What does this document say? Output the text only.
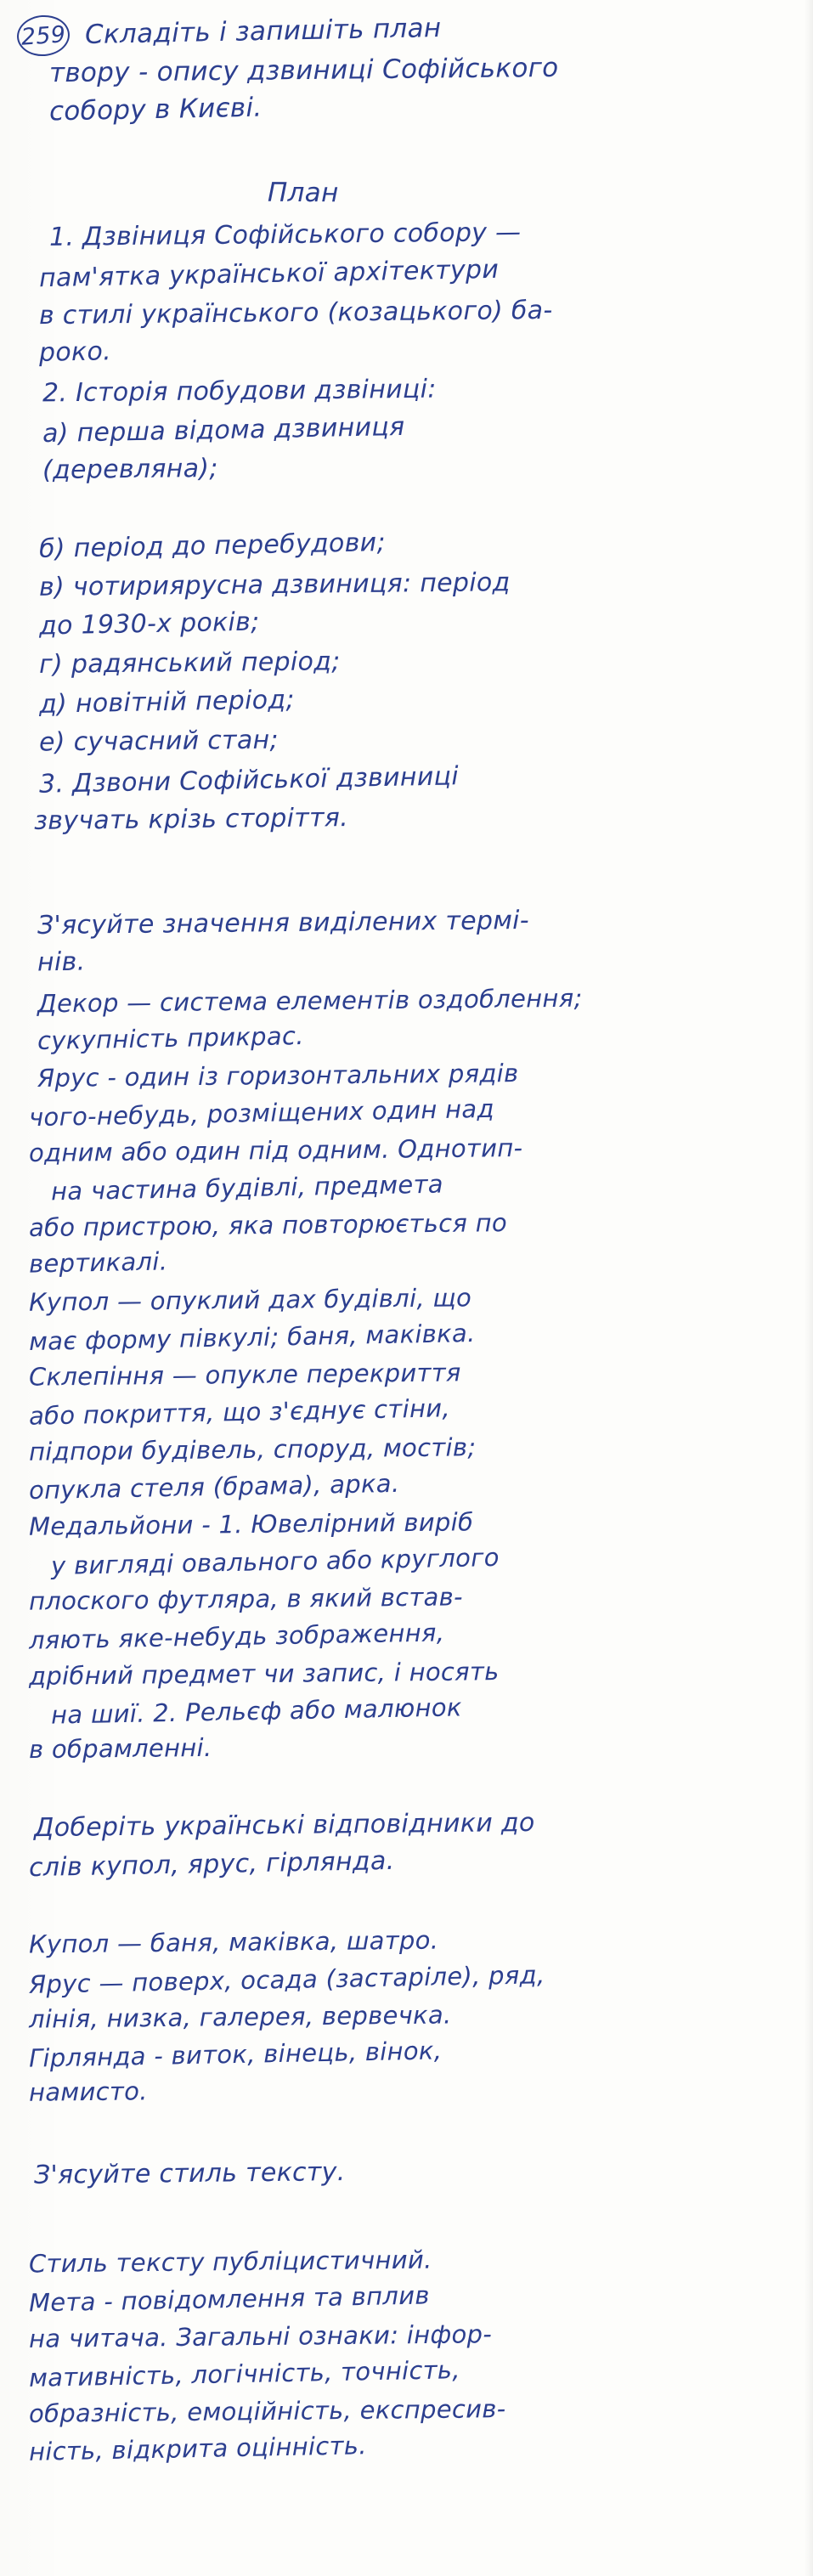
259 Складіть і запишіть план
твору - опису дзвиниці Софійського
собору в Києві.
План
1. Дзвіниця Софійського собору —
пам'ятка української архітектури
в стилі українського (козацького) ба-
роко.
2. Історія побудови дзвіниці:
а) перша відома дзвиниця
(деревляна);
б) період до перебудови;
в) чотириярусна дзвиниця: період
до 1930-х років;
г) радянський період;
д) новітній період;
е) сучасний стан;
3. Дзвони Софійської дзвиниці
звучать крізь сторіття.
З'ясуйте значення виділених термі-
нів.
Декор — система елементів оздоблення;
сукупність прикрас.
Ярус - один із горизонтальних рядів
чого-небудь, розміщених один над
одним або один під одним. Однотип-
на частина будівлі, предмета
або пристрою, яка повторюється по
вертикалі.
Купол — опуклий дах будівлі, що
має форму півкулі; баня, маківка.
Склепіння — опукле перекриття
або покриття, що з'єднує стіни,
підпори будівель, споруд, мостів;
опукла стеля (брама), арка.
Медальйони - 1. Ювелірний виріб
у вигляді овального або круглого
плоского футляра, в який встав-
ляють яке-небудь зображення,
дрібний предмет чи запис, і носять
на шиї. 2. Рельєф або малюнок
в обрамленні.
Доберіть українські відповідники до
слів купол, ярус, гірлянда.
Купол — баня, маківка, шатро.
Ярус — поверх, осада (застаріле), ряд,
лінія, низка, галерея, вервечка.
Гірлянда - виток, вінець, вінок,
намисто.
З'ясуйте стиль тексту.
Стиль тексту публіцистичний.
Мета - повідомлення та вплив
на читача. Загальні ознаки: інфор-
мативність, логічність, точність,
образність, емоційність, експресив-
ність, відкрита оцінність.
